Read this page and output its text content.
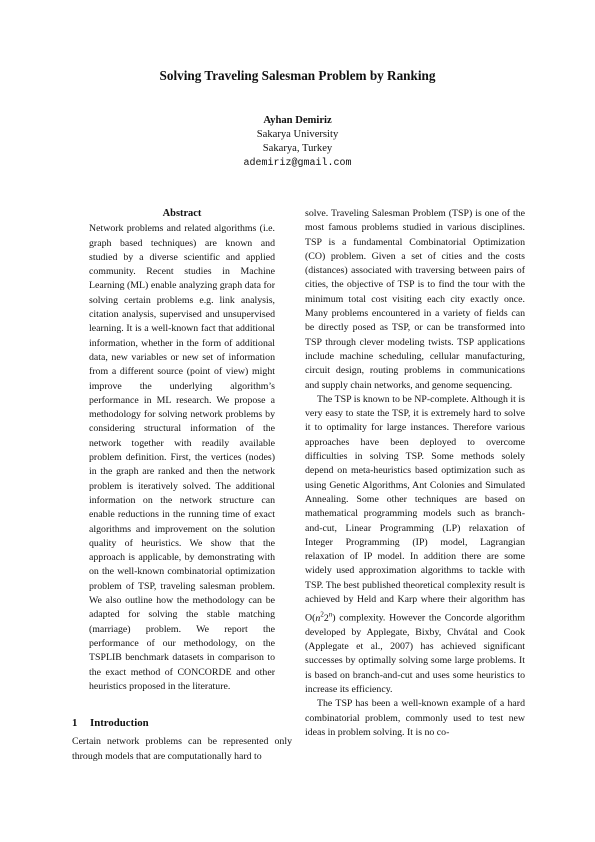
Solving Traveling Salesman Problem by Ranking
Ayhan Demiriz
Sakarya University
Sakarya, Turkey
ademiriz@gmail.com
Abstract

Network problems and related algorithms (i.e. graph based techniques) are known and studied by a diverse scientific and applied community. Recent studies in Machine Learning (ML) enable analyzing graph data for solving certain problems e.g. link analysis, citation analysis, supervised and unsupervised learning. It is a well-known fact that additional information, whether in the form of additional data, new variables or new set of information from a different source (point of view) might improve the underlying algorithm’s performance in ML research. We propose a methodology for solving network problems by considering structural information of the network together with readily available problem definition. First, the vertices (nodes) in the graph are ranked and then the network problem is iteratively solved. The additional information on the network structure can enable reductions in the running time of exact algorithms and improvement on the solution quality of heuristics. We show that the approach is applicable, by demonstrating with on the well-known combinatorial optimization problem of TSP, traveling salesman problem. We also outline how the methodology can be adapted for solving the stable matching (marriage) problem. We report the performance of our methodology, on the TSPLIB benchmark datasets in comparison to the exact method of CONCORDE and other heuristics proposed in the literature.

1 Introduction

Certain network problems can be represented only through models that are computationally hard to

solve. Traveling Salesman Problem (TSP) is one of the most famous problems studied in various disciplines. TSP is a fundamental Combinatorial Optimization (CO) problem. Given a set of cities and the costs (distances) associated with traversing between pairs of cities, the objective of TSP is to find the tour with the minimum total cost visiting each city exactly once. Many problems encountered in a variety of fields can be directly posed as TSP, or can be transformed into TSP through clever modeling twists. TSP applications include machine scheduling, cellular manufacturing, circuit design, routing problems in communications and supply chain networks, and genome sequencing.

The TSP is known to be NP-complete. Although it is very easy to state the TSP, it is extremely hard to solve it to optimality for large instances. Therefore various approaches have been deployed to overcome difficulties in solving TSP. Some methods solely depend on meta-heuristics based optimization such as using Genetic Algorithms, Ant Colonies and Simulated Annealing. Some other techniques are based on mathematical programming models such as branch-and-cut, Linear Programming (LP) relaxation of Integer Programming (IP) model, Lagrangian relaxation of IP model. In addition there are some widely used approximation algorithms to tackle with TSP. The best published theoretical complexity result is achieved by Held and Karp where their algorithm has $O(n^22^n)$ complexity. However the Concorde algorithm developed by Applegate, Bixby, Chvátal and Cook (Applegate et al., 2007) has achieved significant successes by optimally solving some large problems. It is based on branch-and-cut and uses some heuristics to increase its efficiency.

The TSP has been a well-known example of a hard combinatorial problem, commonly used to test new ideas in problem solving. It is no co-
